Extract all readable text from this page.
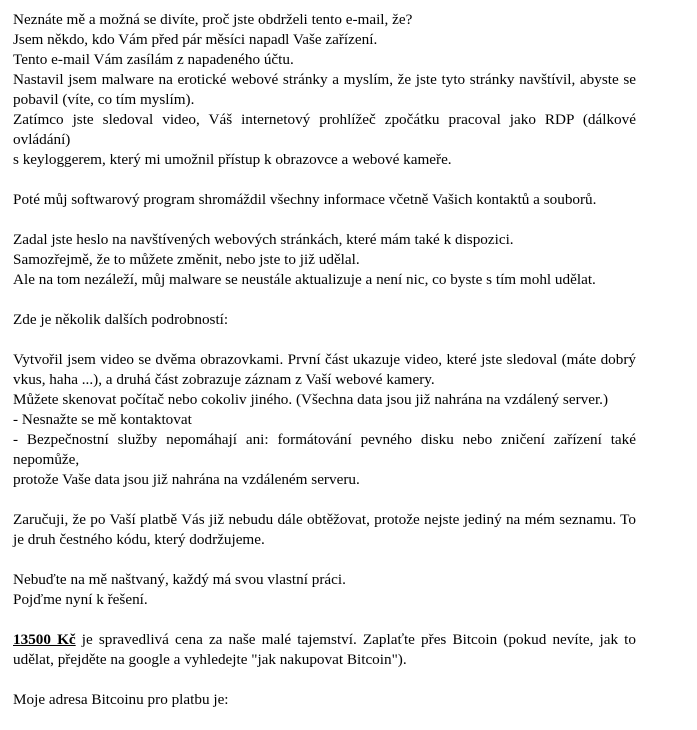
Neznáte mě a možná se divíte, proč jste obdrželi tento e-mail, že?
Jsem někdo, kdo Vám před pár měsíci napadl Vaše zařízení.
Tento e-mail Vám zasílám z napadeného účtu.
Nastavil jsem malware na erotické webové stránky a myslím, že jste tyto stránky navštívil, abyste se
pobavil (víte, co tím myslím).
Zatímco jste sledoval video, Váš internetový prohlížeč zpočátku pracoval jako RDP (dálkové ovládání)
s keyloggerem, který mi umožnil přístup k obrazovce a webové kameře.
Poté můj softwarový program shromáždil všechny informace včetně Vašich kontaktů a souborů.
Zadal jste heslo na navštívených webových stránkách, které mám také k dispozici.
Samozřejmě, že to můžete změnit, nebo jste to již udělal.
Ale na tom nezáleží, můj malware se neustále aktualizuje a není nic, co byste s tím mohl udělat.
Zde je několik dalších podrobností:
Vytvořil jsem video se dvěma obrazovkami. První část ukazuje video, které jste sledoval (máte dobrý
vkus, haha ...), a druhá část zobrazuje záznam z Vaší webové kamery.
Můžete skenovat počítač nebo cokoliv jiného. (Všechna data jsou již nahrána na vzdálený server.)
- Nesnažte se mě kontaktovat
- Bezpečnostní služby nepomáhají ani: formátování pevného disku nebo zničení zařízení také nepomůže,
protože Vaše data jsou již nahrána na vzdáleném serveru.
Zaručuji, že po Vaší platbě Vás již nebudu dále obtěžovat, protože nejste jediný na mém seznamu. To
je druh čestného kódu, který dodržujeme.
Nebuďte na mě naštvaný, každý má svou vlastní práci.
Pojďme nyní k řešení.
13500 Kč je spravedlivá cena za naše malé tajemství. Zaplaťte přes Bitcoin (pokud nevíte, jak to
udělat, přejděte na google a vyhledejte "jak nakupovat Bitcoin").
Moje adresa Bitcoinu pro platbu je:
